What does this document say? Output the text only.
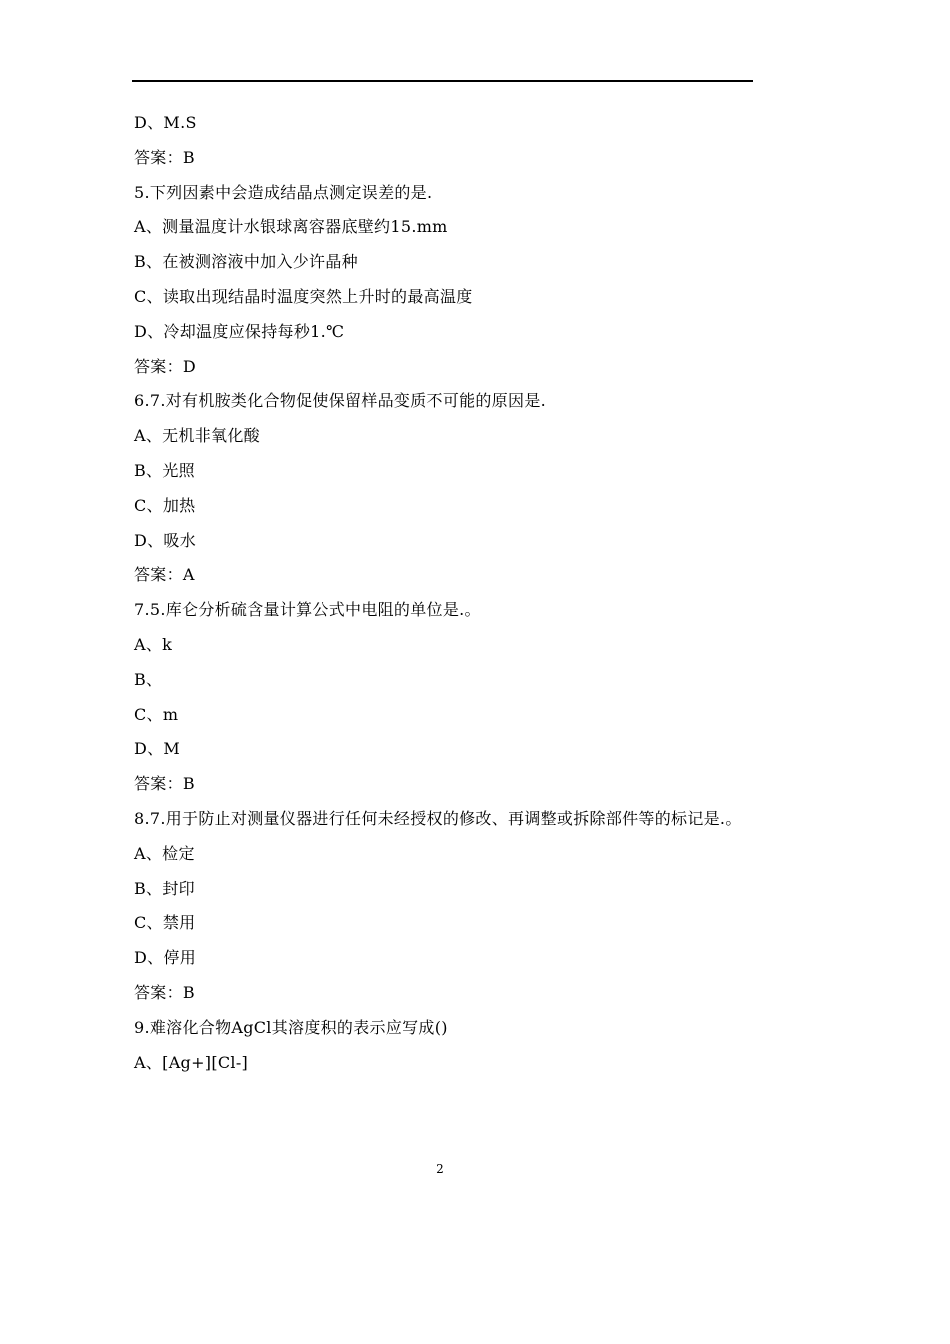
D、M.S
答案：B
5.下列因素中会造成结晶点测定误差的是.
A、测量温度计水银球离容器底壁约15.mm
B、在被测溶液中加入少许晶种
C、读取出现结晶时温度突然上升时的最高温度
D、冷却温度应保持每秒1.℃
答案：D
6.7.对有机胺类化合物促使保留样品变质不可能的原因是.
A、无机非氧化酸
B、光照
C、加热
D、吸水
答案：A
7.5.库仑分析硫含量计算公式中电阻的单位是.。
A、k
B、
C、m
D、M
答案：B
8.7.用于防止对测量仪器进行任何未经授权的修改、再调整或拆除部件等的标记是.。
A、检定
B、封印
C、禁用
D、停用
答案：B
9.难溶化合物AgCl其溶度积的表示应写成()
A、[Ag+][Cl-]
2
